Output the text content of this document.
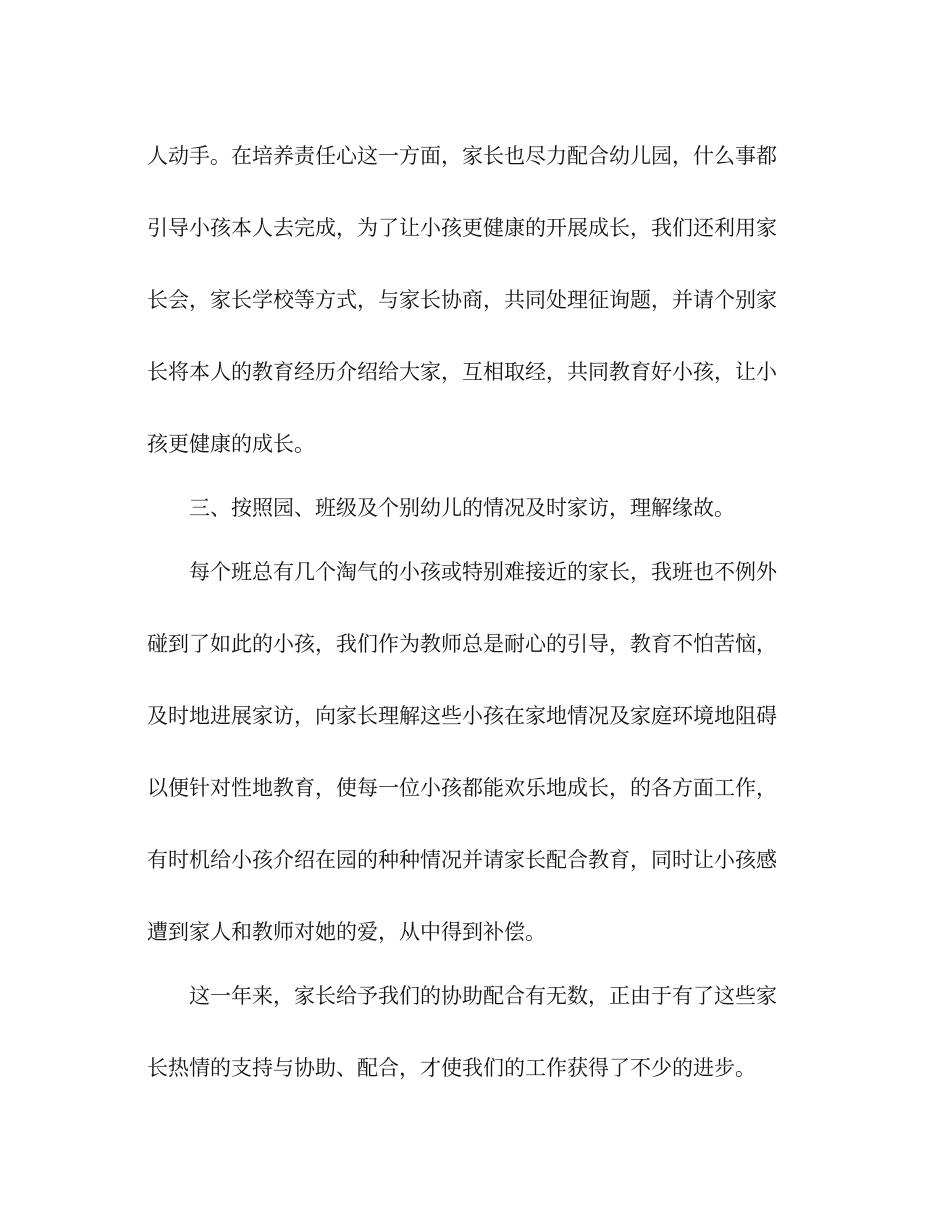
人动手。在培养责任心这一方面，家长也尽力配合幼儿园，什么事都
引导小孩本人去完成，为了让小孩更健康的开展成长，我们还利用家
长会，家长学校等方式，与家长协商，共同处理征询题，并请个别家
长将本人的教育经历介绍给大家，互相取经，共同教育好小孩，让小
孩更健康的成长。
三、按照园、班级及个别幼儿的情况及时家访，理解缘故。
每个班总有几个淘气的小孩或特别难接近的家长，我班也不例外
碰到了如此的小孩，我们作为教师总是耐心的引导，教育不怕苦恼，
及时地进展家访，向家长理解这些小孩在家地情况及家庭环境地阻碍
以便针对性地教育，使每一位小孩都能欢乐地成长，的各方面工作，
有时机给小孩介绍在园的种种情况并请家长配合教育，同时让小孩感
遭到家人和教师对她的爱，从中得到补偿。
这一年来，家长给予我们的协助配合有无数，正由于有了这些家
长热情的支持与协助、配合，才使我们的工作获得了不少的进步。
